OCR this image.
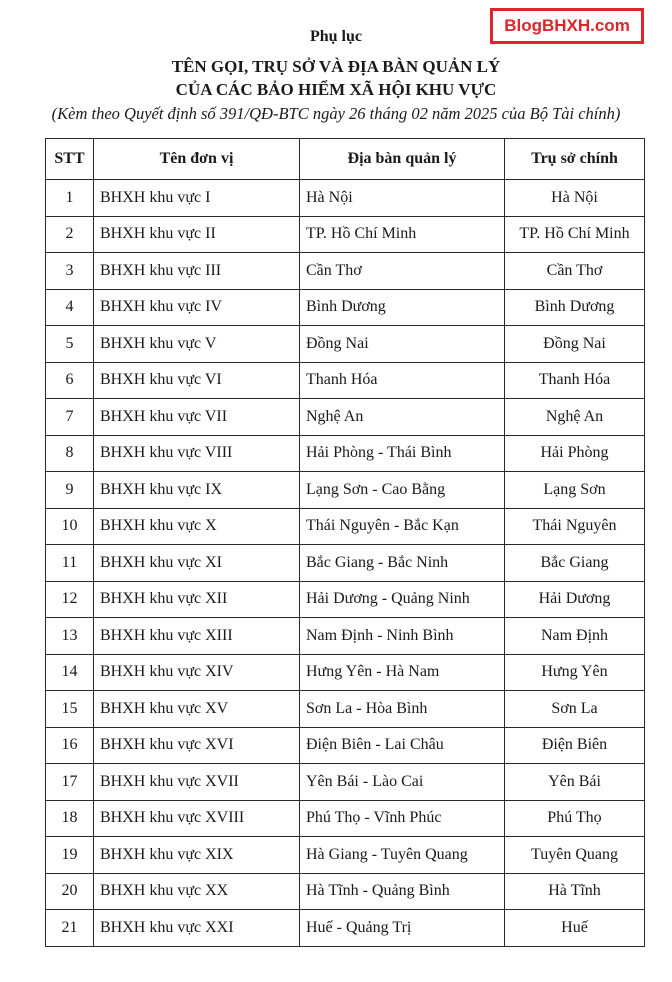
BlogBHXH.com
Phụ lục
TÊN GỌI, TRỤ SỞ VÀ ĐỊA BÀN QUẢN LÝ
CỦA CÁC BẢO HIỂM XÃ HỘI KHU VỰC
(Kèm theo Quyết định số 391/QĐ-BTC ngày 26 tháng 02 năm 2025 của Bộ Tài chính)
STT	Tên đơn vị	Địa bàn quản lý	Trụ sở chính
1	BHXH khu vực I	Hà Nội	Hà Nội
2	BHXH khu vực II	TP. Hồ Chí Minh	TP. Hồ Chí Minh
3	BHXH khu vực III	Cần Thơ	Cần Thơ
4	BHXH khu vực IV	Bình Dương	Bình Dương
5	BHXH khu vực V	Đồng Nai	Đồng Nai
6	BHXH khu vực VI	Thanh Hóa	Thanh Hóa
7	BHXH khu vực VII	Nghệ An	Nghệ An
8	BHXH khu vực VIII	Hải Phòng - Thái Bình	Hải Phòng
9	BHXH khu vực IX	Lạng Sơn - Cao Bằng	Lạng Sơn
10	BHXH khu vực X	Thái Nguyên - Bắc Kạn	Thái Nguyên
11	BHXH khu vực XI	Bắc Giang - Bắc Ninh	Bắc Giang
12	BHXH khu vực XII	Hải Dương - Quảng Ninh	Hải Dương
13	BHXH khu vực XIII	Nam Định - Ninh Bình	Nam Định
14	BHXH khu vực XIV	Hưng Yên - Hà Nam	Hưng Yên
15	BHXH khu vực XV	Sơn La - Hòa Bình	Sơn La
16	BHXH khu vực XVI	Điện Biên - Lai Châu	Điện Biên
17	BHXH khu vực XVII	Yên Bái - Lào Cai	Yên Bái
18	BHXH khu vực XVIII	Phú Thọ - Vĩnh Phúc	Phú Thọ
19	BHXH khu vực XIX	Hà Giang - Tuyên Quang	Tuyên Quang
20	BHXH khu vực XX	Hà Tĩnh - Quảng Bình	Hà Tĩnh
21	BHXH khu vực XXI	Huế - Quảng Trị	Huế
